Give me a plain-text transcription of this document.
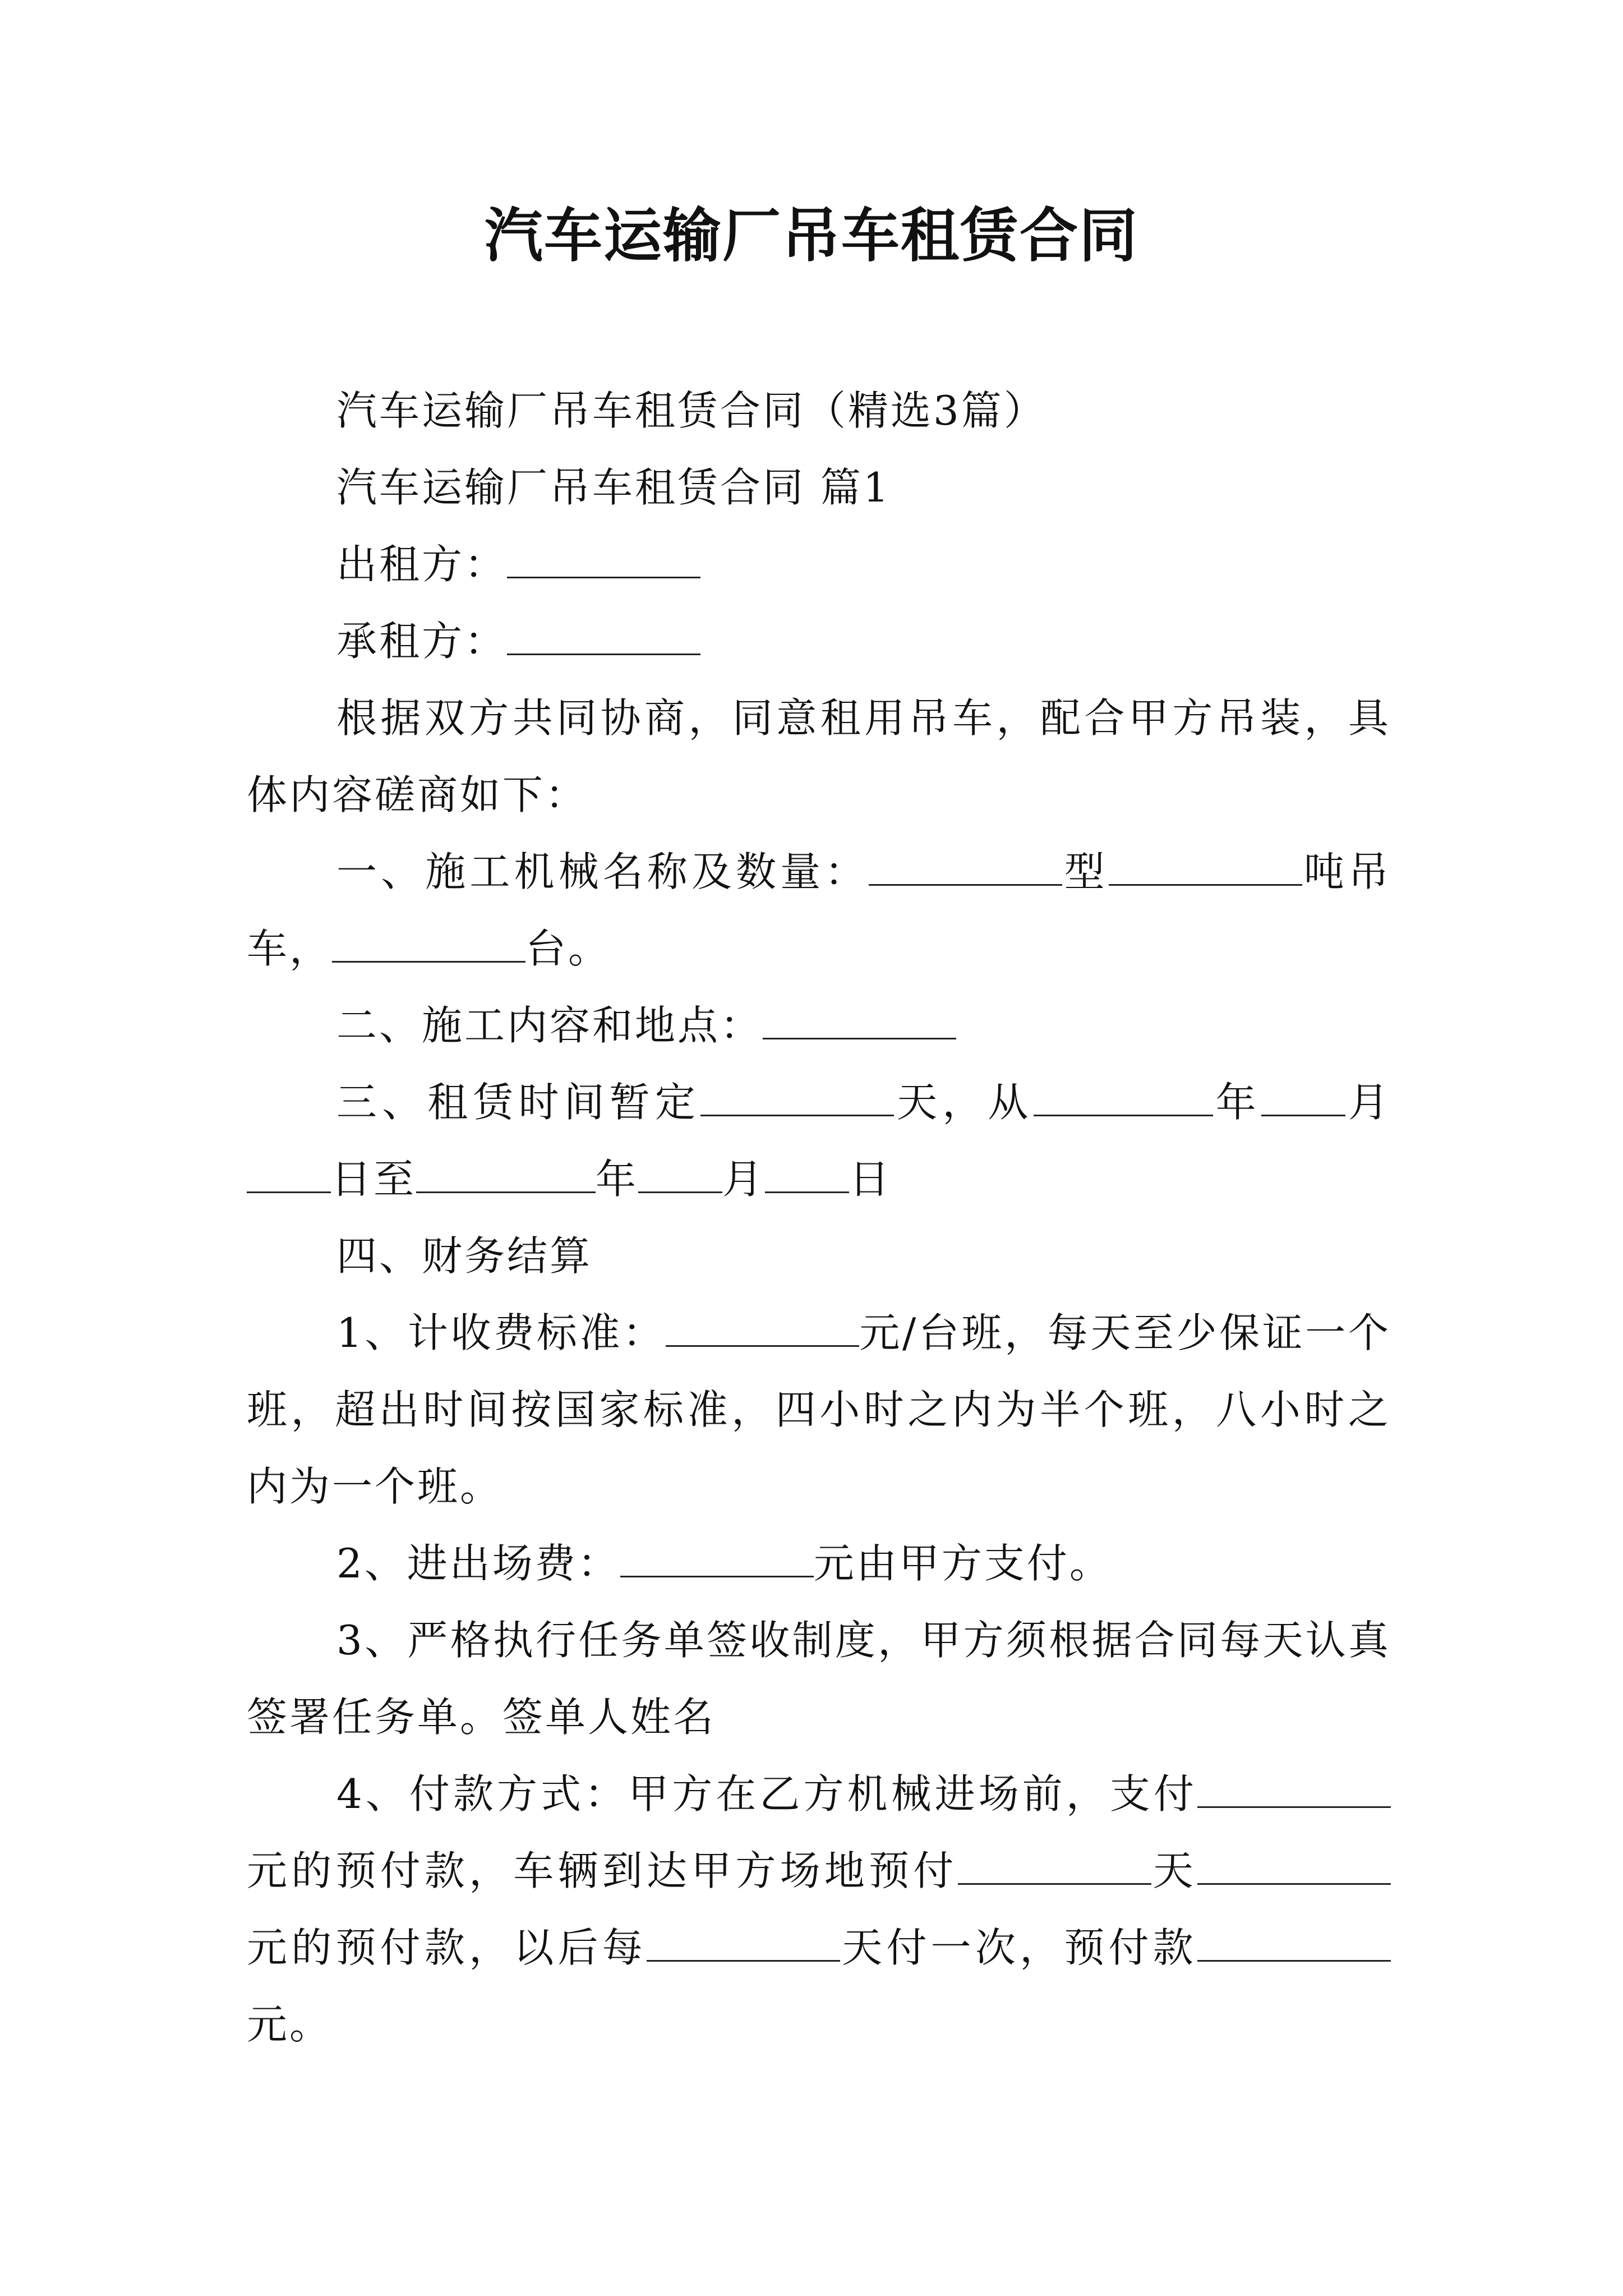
汽车运输厂吊车租赁合同

汽车运输厂吊车租赁合同（精选3篇）

汽车运输厂吊车租赁合同 篇1

出租方：

承租方：

根据双方共同协商，同意租用吊车，配合甲方吊装，具体内容磋商如下：

一、施工机械名称及数量：	型	吨吊车，	台。

二、施工内容和地点：

三、租赁时间暂定	天，从	年 月日至	年 月 日

四、财务结算

1、计收费标准：	元/台班，每天至少保证一个班，超出时间按国家标准，四小时之内为半个班，八小时之内为一个班。

2、进出场费：	元由甲方支付。

3、严格执行任务单签收制度，甲方须根据合同每天认真签署任务单。签单人姓名

4、付款方式：甲方在乙方机械进场前，支付元的预付款，车辆到达甲方场地预付	天元的预付款，以后每	天付一次，预付款元。
